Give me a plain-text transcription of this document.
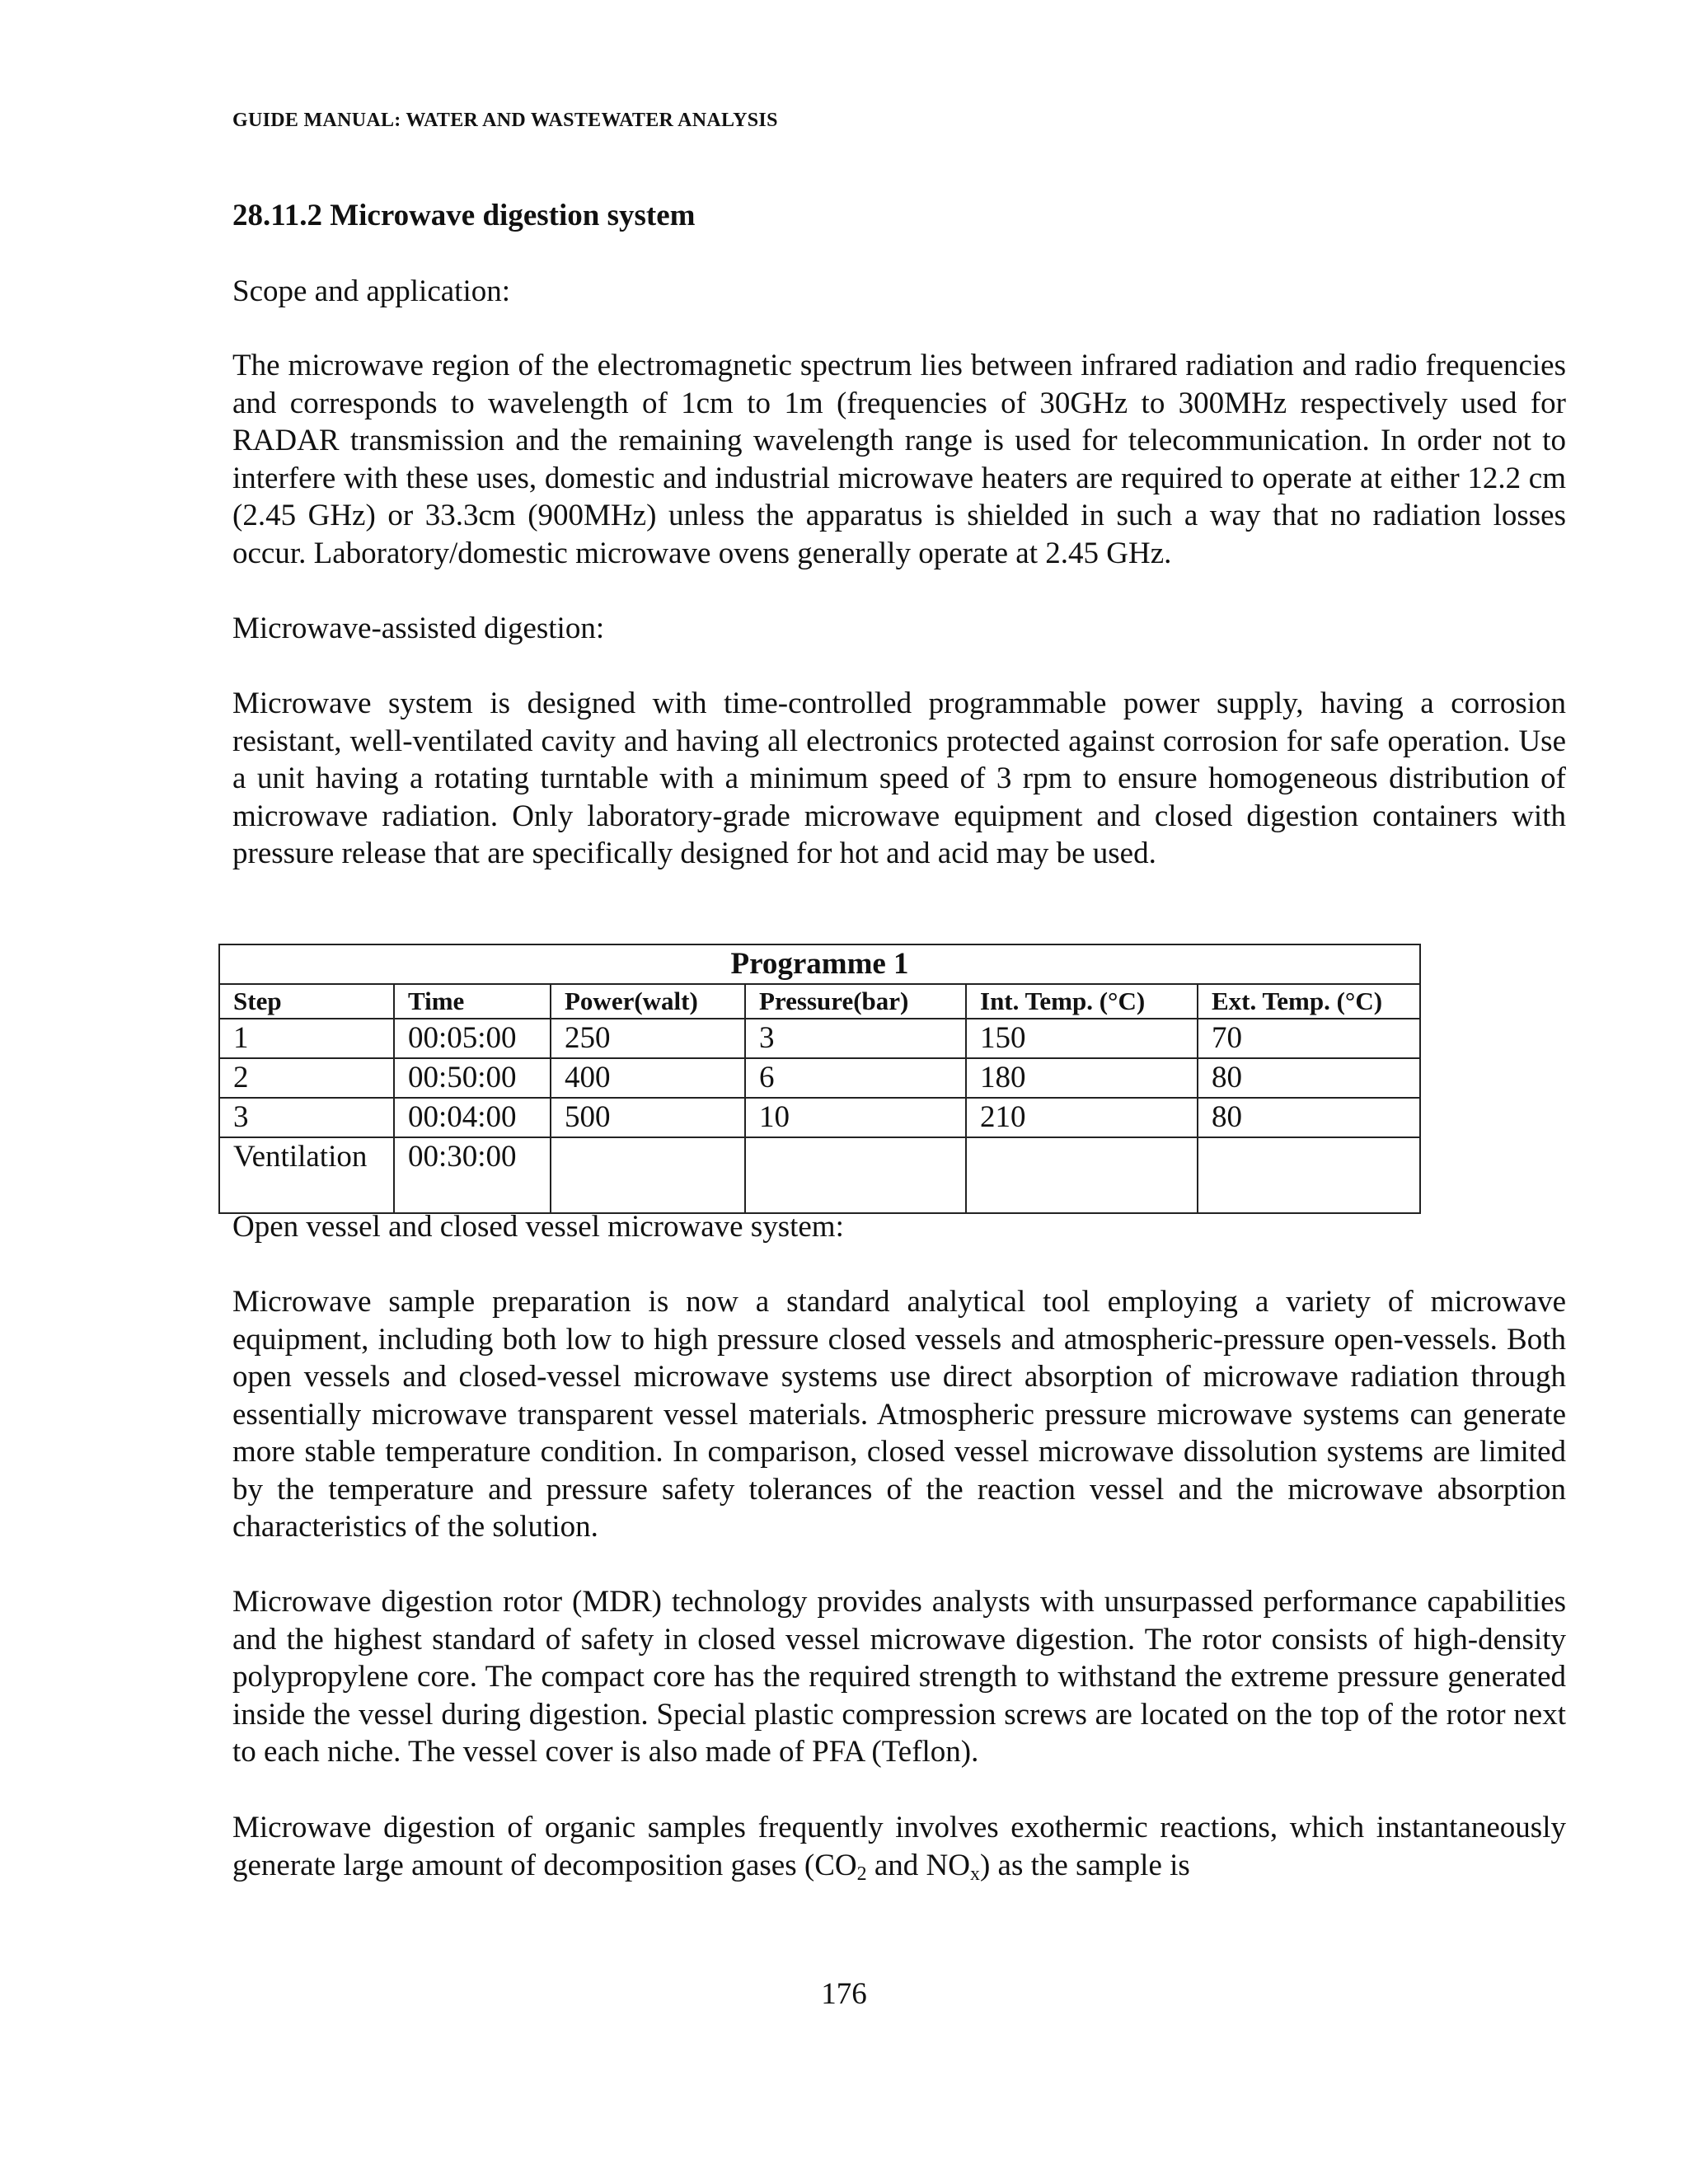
GUIDE MANUAL: WATER AND WASTEWATER ANALYSIS
28.11.2 Microwave digestion system
Scope and application:
The microwave region of the electromagnetic spectrum lies between infrared radiation and radio frequencies and corresponds to wavelength of 1cm to 1m (frequencies of 30GHz to 300MHz respectively used for RADAR transmission and the remaining wavelength range is used for telecommunication. In order not to interfere with these uses, domestic and industrial microwave heaters are required to operate at either 12.2 cm (2.45 GHz) or 33.3cm (900MHz) unless the apparatus is shielded in such a way that no radiation losses occur. Laboratory/domestic microwave ovens generally operate at 2.45 GHz.
Microwave-assisted digestion:
Microwave system is designed with time-controlled programmable power supply, having a corrosion resistant, well-ventilated cavity and having all electronics protected against corrosion for safe operation. Use a unit having a rotating turntable with a minimum speed of 3 rpm to ensure homogeneous distribution of microwave radiation. Only laboratory-grade microwave equipment and closed digestion containers with pressure release that are specifically designed for hot and acid may be used.
Programme 1					
Step	Time	Power(walt)	Pressure(bar)	Int. Temp. (°C)	Ext. Temp. (°C)
1	00:05:00	250	3	150	70
2	00:50:00	400	6	180	80
3	00:04:00	500	10	210	80
Ventilation	00:30:00				
Open vessel and closed vessel microwave system:
Microwave sample preparation is now a standard analytical tool employing a variety of microwave equipment, including both low to high pressure closed vessels and atmospheric-pressure open-vessels. Both open vessels and closed-vessel microwave systems use direct absorption of microwave radiation through essentially microwave transparent vessel materials. Atmospheric pressure microwave systems can generate more stable temperature condition. In comparison, closed vessel microwave dissolution systems are limited by the temperature and pressure safety tolerances of the reaction vessel and the microwave absorption characteristics of the solution.
Microwave digestion rotor (MDR) technology provides analysts with unsurpassed performance capabilities and the highest standard of safety in closed vessel microwave digestion. The rotor consists of high-density polypropylene core. The compact core has the required strength to withstand the extreme pressure generated inside the vessel during digestion. Special plastic compression screws are located on the top of the rotor next to each niche. The vessel cover is also made of PFA (Teflon).
Microwave digestion of organic samples frequently involves exothermic reactions, which instantaneously generate large amount of decomposition gases ($CO_2$ and $NO_x$) as the sample is
176
